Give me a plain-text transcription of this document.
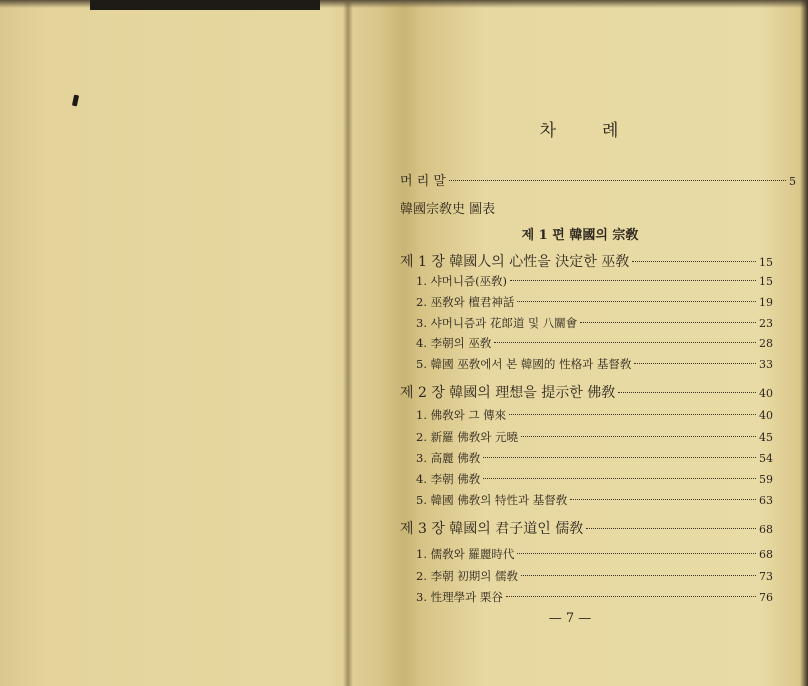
차	례
머 리 말	5
韓國宗敎史 圖表
제 1 편 韓國의 宗敎
제 1 장 韓國人의 心性을 決定한 巫敎	15
1. 샤머니즘(巫敎)	15
2. 巫敎와 檀君神話	19
3. 샤머니즘과 花郞道 및 八關會	23
4. 李朝의 巫敎	28
5. 韓國 巫敎에서 본 韓國的 性格과 基督敎	33
제 2 장 韓國의 理想을 提示한 佛敎	40
1. 佛敎와 그 傳來	40
2. 新羅 佛敎와 元曉	45
3. 高麗 佛敎	54
4. 李朝 佛敎	59
5. 韓國 佛敎의 特性과 基督敎	63
제 3 장 韓國의 君子道인 儒敎	68
1. 儒敎와 羅麗時代	68
2. 李朝 初期의 儒敎	73
3. 性理學과 栗谷	76
— 7 —
